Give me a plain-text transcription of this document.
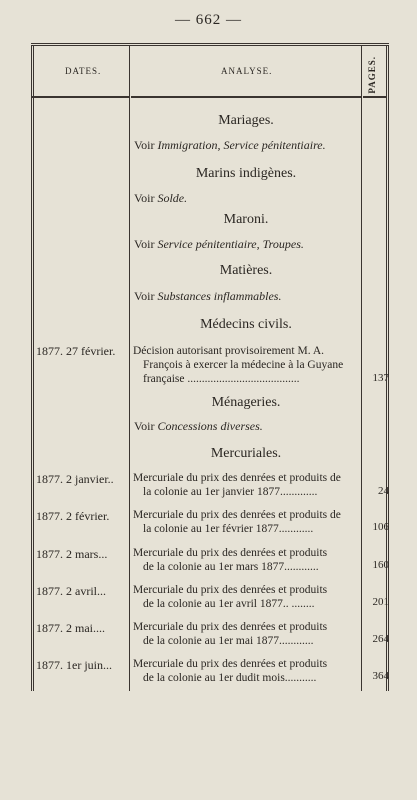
— 662 —
DATES.	ANALYSE.	PAGES.
Mariages.
Voir Immigration, Service pénitentiaire.
Marins indigènes.
Voir Solde.
Maroni.
Voir Service pénitentiaire, Troupes.
Matières.
Voir Substances inflammables.
Médecins civils.
1877. 27 février. Décision autorisant provisoirement M. A.
François à exercer la médecine à la Guyane
française .......................................	137
Ménageries.
Voir Concessions diverses.
Mercuriales.
1877. 2 janvier.. Mercuriale du prix des denrées et produits de
la colonie au 1er janvier 1877.............	24
1877. 2 février. Mercuriale du prix des denrées et produits de
la colonie au 1er février 1877............	106
1877. 2 mars... Mercuriale du prix des denrées et produits
de la colonie au 1er mars 1877............	160
1877. 2 avril... Mercuriale du prix des denrées et produits
de la colonie au 1er avril 1877.. ........	201
1877. 2 mai.... Mercuriale du prix des denrées et produits
de la colonie au 1er mai 1877............	264
1877. 1er juin... Mercuriale du prix des denrées et produits
de la colonie au 1er dudit mois...........	364
